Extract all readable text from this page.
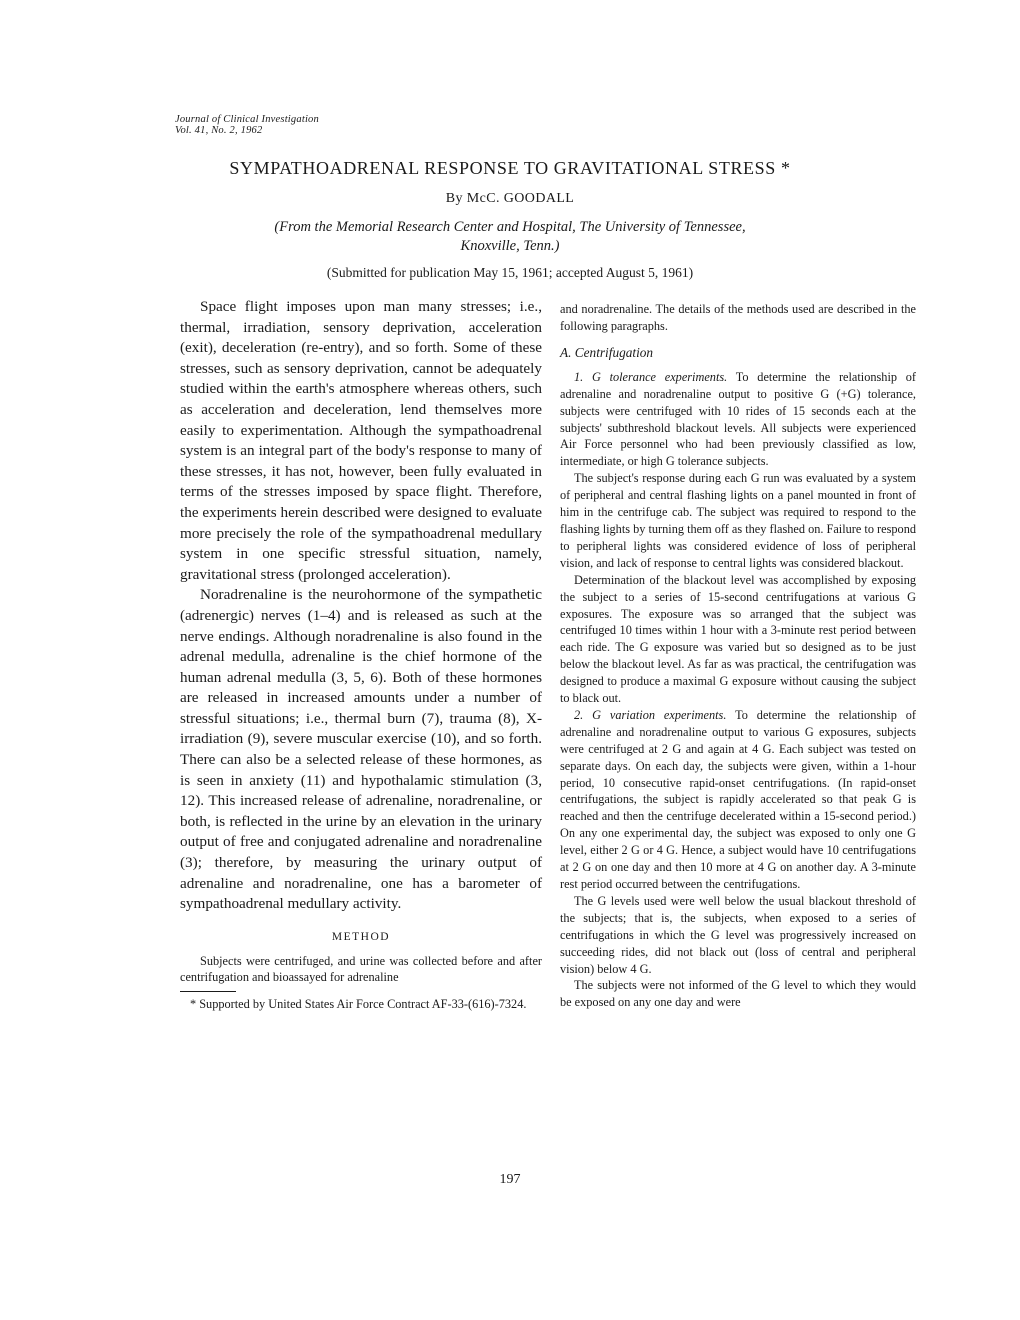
Journal of Clinical Investigation
Vol. 41, No. 2, 1962
SYMPATHOADRENAL RESPONSE TO GRAVITATIONAL STRESS *
By McC. GOODALL
(From the Memorial Research Center and Hospital, The University of Tennessee,
Knoxville, Tenn.)
(Submitted for publication May 15, 1961; accepted August 5, 1961)

Space flight imposes upon man many stresses; i.e., thermal, irradiation, sensory deprivation, acceleration (exit), deceleration (re-entry), and so forth. Some of these stresses, such as sensory deprivation, cannot be adequately studied within the earth's atmosphere whereas others, such as acceleration and deceleration, lend themselves more easily to experimentation. Although the sympathoadrenal system is an integral part of the body's response to many of these stresses, it has not, however, been fully evaluated in terms of the stresses imposed by space flight. Therefore, the experiments herein described were designed to evaluate more precisely the role of the sympathoadrenal medullary system in one specific stressful situation, namely, gravitational stress (prolonged acceleration).

Noradrenaline is the neurohormone of the sympathetic (adrenergic) nerves (1–4) and is released as such at the nerve endings. Although noradrenaline is also found in the adrenal medulla, adrenaline is the chief hormone of the human adrenal medulla (3, 5, 6). Both of these hormones are released in increased amounts under a number of stressful situations; i.e., thermal burn (7), trauma (8), X-irradiation (9), severe muscular exercise (10), and so forth. There can also be a selected release of these hormones, as is seen in anxiety (11) and hypothalamic stimulation (3, 12). This increased release of adrenaline, noradrenaline, or both, is reflected in the urine by an elevation in the urinary output of free and conjugated adrenaline and noradrenaline (3); therefore, by measuring the urinary output of adrenaline and noradrenaline, one has a barometer of sympathoadrenal medullary activity.

METHOD

Subjects were centrifuged, and urine was collected before and after centrifugation and bioassayed for adrenaline

* Supported by United States Air Force Contract AF-33-(616)-7324.

and noradrenaline. The details of the methods used are described in the following paragraphs.

A. Centrifugation

1. G tolerance experiments. To determine the relationship of adrenaline and noradrenaline output to positive G (+G) tolerance, subjects were centrifuged with 10 rides of 15 seconds each at the subjects' subthreshold blackout levels. All subjects were experienced Air Force personnel who had been previously classified as low, intermediate, or high G tolerance subjects.

The subject's response during each G run was evaluated by a system of peripheral and central flashing lights on a panel mounted in front of him in the centrifuge cab. The subject was required to respond to the flashing lights by turning them off as they flashed on. Failure to respond to peripheral lights was considered evidence of loss of peripheral vision, and lack of response to central lights was considered blackout.

Determination of the blackout level was accomplished by exposing the subject to a series of 15-second centrifugations at various G exposures. The exposure was so arranged that the subject was centrifuged 10 times within 1 hour with a 3-minute rest period between each ride. The G exposure was varied but so designed as to be just below the blackout level. As far as was practical, the centrifugation was designed to produce a maximal G exposure without causing the subject to black out.

2. G variation experiments. To determine the relationship of adrenaline and noradrenaline output to various G exposures, subjects were centrifuged at 2 G and again at 4 G. Each subject was tested on separate days. On each day, the subjects were given, within a 1-hour period, 10 consecutive rapid-onset centrifugations. (In rapid-onset centrifugations, the subject is rapidly accelerated so that peak G is reached and then the centrifuge decelerated within a 15-second period.) On any one experimental day, the subject was exposed to only one G level, either 2 G or 4 G. Hence, a subject would have 10 centrifugations at 2 G on one day and then 10 more at 4 G on another day. A 3-minute rest period occurred between the centrifugations.

The G levels used were well below the usual blackout threshold of the subjects; that is, the subjects, when exposed to a series of centrifugations in which the G level was progressively increased on succeeding rides, did not black out (loss of central and peripheral vision) below 4 G.

The subjects were not informed of the G level to which they would be exposed on any one day and were

197
